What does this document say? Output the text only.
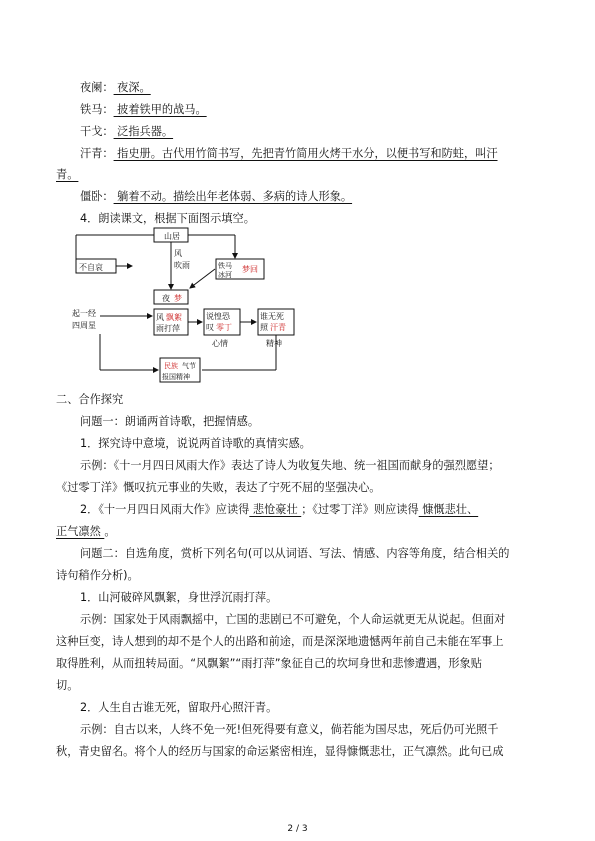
夜阑： 夜深。
铁马： 披着铁甲的战马。
干戈： 泛指兵器。
汗青： 指史册。古代用竹简书写，先把青竹简用火烤干水分，以便书写和防蛀，叫汗
青。
僵卧： 躺着不动。描绘出年老体弱、多病的诗人形象。
4．朗读课文，根据下面图示填空。
山居
不自哀
风
吹雨	铁马
冰河
梦回
夜 梦
起一经
四周星
风 飘絮
雨打萍
说惶恐
叹 零丁
心情
谁无死
照 汗青
精神
民族 气节
报国精神
二、合作探究
问题一：朗诵两首诗歌，把握情感。
1．探究诗中意境，说说两首诗歌的真情实感。
示例：《十一月四日风雨大作》表达了诗人为收复失地、统一祖国而献身的强烈愿望；
《过零丁洋》慨叹抗元事业的失败，表达了宁死不屈的坚强决心。
2．《十一月四日风雨大作》应读得 悲怆豪壮 ；《过零丁洋》则应读得 慷慨悲壮、
正气凛然 。
问题二：自选角度，赏析下列名句(可以从词语、写法、情感、内容等角度，结合相关的
诗句稍作分析)。
1．山河破碎风飘絮，身世浮沉雨打萍。
示例：国家处于风雨飘摇中，亡国的悲剧已不可避免，个人命运就更无从说起。但面对
这种巨变，诗人想到的却不是个人的出路和前途，而是深深地遗憾两年前自己未能在军事上
取得胜利，从而扭转局面。“风飘絮”“雨打萍”象征自己的坎坷身世和悲惨遭遇，形象贴
切。
2．人生自古谁无死，留取丹心照汗青。
示例：自古以来，人终不免一死!但死得要有意义，倘若能为国尽忠，死后仍可光照千
秋，青史留名。将个人的经历与国家的命运紧密相连，显得慷慨悲壮，正气凛然。此句已成
2 / 3
